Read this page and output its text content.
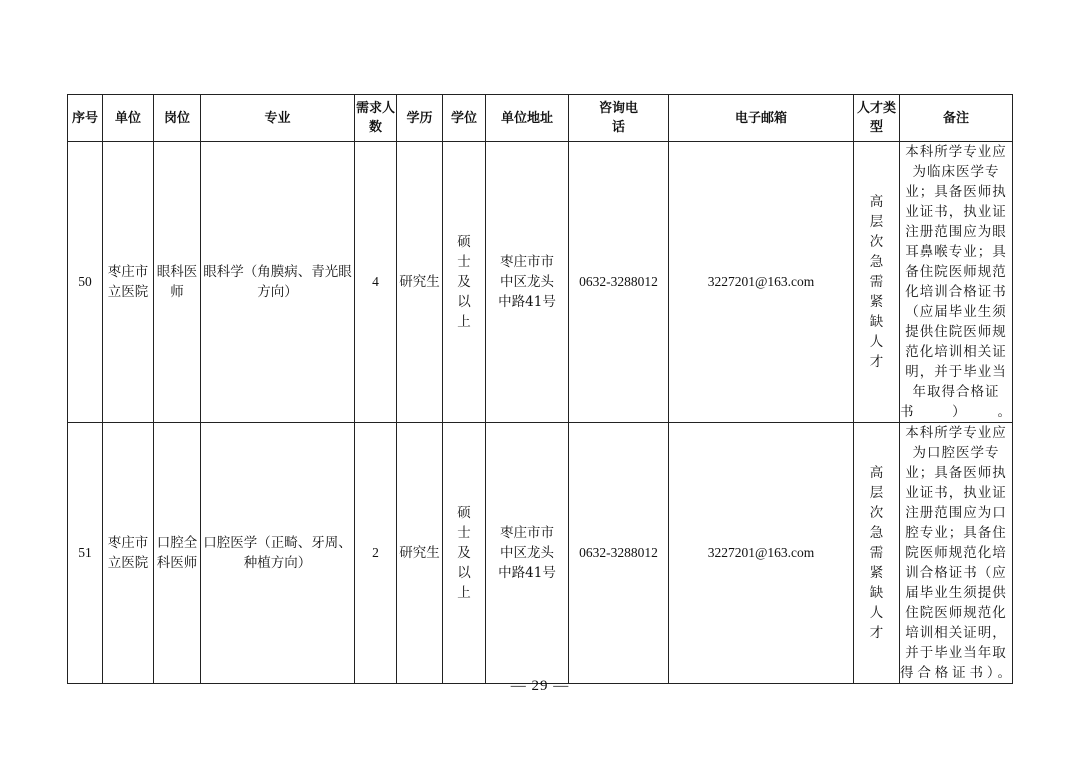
序号	单位	岗位	专业	需求人数	学历	学位	单位地址	咨询电话	电子邮箱	人才类型	备注
50	枣庄市立医院	眼科医师	眼科学（角膜病、青光眼方向）	4	研究生	硕士及以上	枣庄市市中区龙头中路41号	0632-3288012	3227201@163.com	高层次急需紧缺人才	本科所学专业应为临床医学专业；具备医师执业证书，执业证注册范围应为眼耳鼻喉专业；具备住院医师规范化培训合格证书（应届毕业生须提供住院医师规范化培训相关证明，并于毕业当年取得合格证书）。
51	枣庄市立医院	口腔全科医师	口腔医学（正畸、牙周、种植方向）	2	研究生	硕士及以上	枣庄市市中区龙头中路41号	0632-3288012	3227201@163.com	高层次急需紧缺人才	本科所学专业应为口腔医学专业；具备医师执业证书，执业证注册范围应为口腔专业；具备住院医师规范化培训合格证书（应届毕业生须提供住院医师规范化培训相关证明，并于毕业当年取得合格证书）。
— 29 —
